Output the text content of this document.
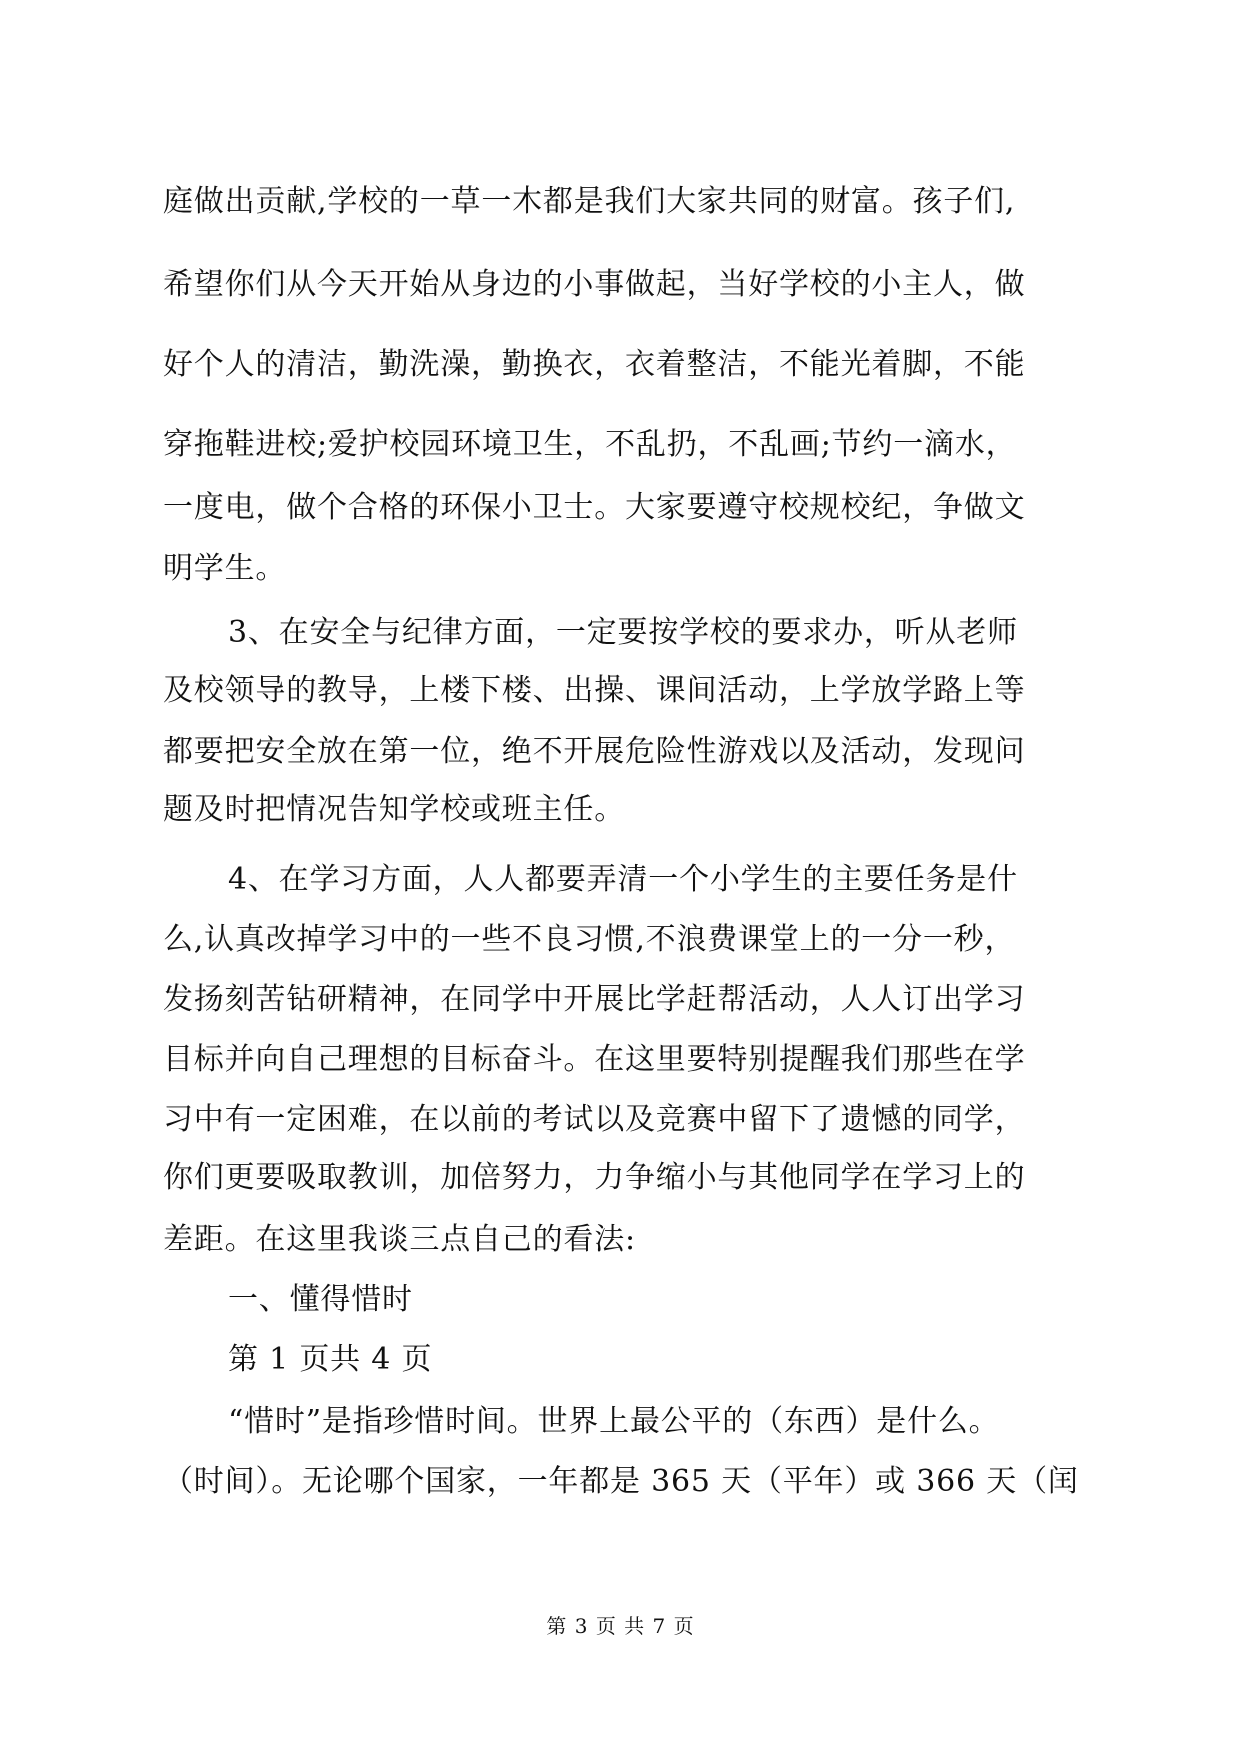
庭做出贡献,学校的一草一木都是我们大家共同的财富。孩子们,
希望你们从今天开始从身边的小事做起，当好学校的小主人，做
好个人的清洁，勤洗澡，勤换衣，衣着整洁，不能光着脚，不能
穿拖鞋进校;爱护校园环境卫生，不乱扔，不乱画;节约一滴水，
一度电，做个合格的环保小卫士。大家要遵守校规校纪，争做文
明学生。
3、在安全与纪律方面，一定要按学校的要求办，听从老师
及校领导的教导，上楼下楼、出操、课间活动，上学放学路上等
都要把安全放在第一位，绝不开展危险性游戏以及活动，发现问
题及时把情况告知学校或班主任。
4、在学习方面，人人都要弄清一个小学生的主要任务是什
么,认真改掉学习中的一些不良习惯,不浪费课堂上的一分一秒，
发扬刻苦钻研精神，在同学中开展比学赶帮活动，人人订出学习
目标并向自己理想的目标奋斗。在这里要特别提醒我们那些在学
习中有一定困难，在以前的考试以及竞赛中留下了遗憾的同学，
你们更要吸取教训，加倍努力，力争缩小与其他同学在学习上的
差距。在这里我谈三点自己的看法:
一、懂得惜时
第 1 页共 4 页
“惜时”是指珍惜时间。世界上最公平的（东西）是什么。
（时间）。无论哪个国家，一年都是 365 天（平年）或 366 天（闰
第 3 页 共 7 页
